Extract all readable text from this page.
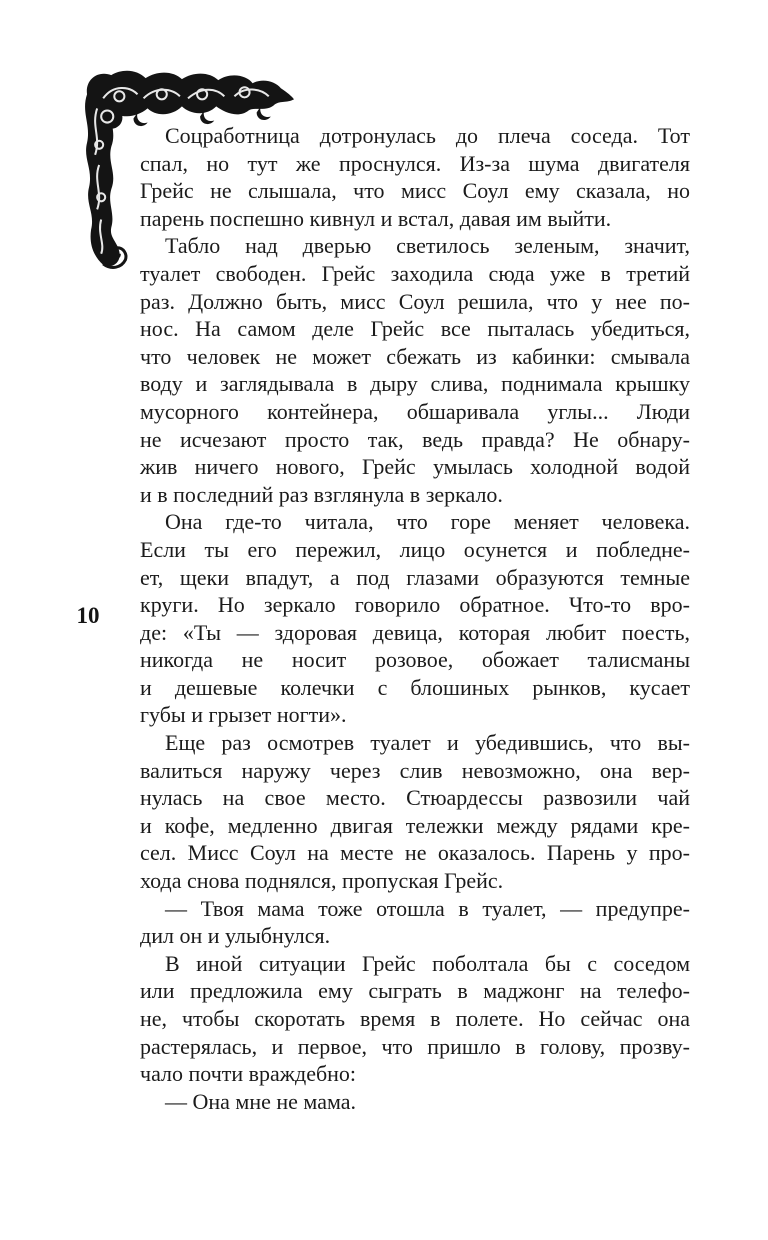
10
Соцработница дотронулась до плеча соседа. Тот
спал, но тут же проснулся. Из-за шума двигателя
Грейс не слышала, что мисс Соул ему сказала, но
парень поспешно кивнул и встал, давая им выйти.
Табло над дверью светилось зеленым, значит,
туалет свободен. Грейс заходила сюда уже в третий
раз. Должно быть, мисс Соул решила, что у нее по-
нос. На самом деле Грейс все пыталась убедиться,
что человек не может сбежать из кабинки: смывала
воду и заглядывала в дыру слива, поднимала крышку
мусорного контейнера, обшаривала углы... Люди
не исчезают просто так, ведь правда? Не обнару-
жив ничего нового, Грейс умылась холодной водой
и в последний раз взглянула в зеркало.
Она где-то читала, что горе меняет человека.
Если ты его пережил, лицо осунется и побледне-
ет, щеки впадут, а под глазами образуются темные
круги. Но зеркало говорило обратное. Что-то вро-
де: «Ты — здоровая девица, которая любит поесть,
никогда не носит розовое, обожает талисманы
и дешевые колечки с блошиных рынков, кусает
губы и грызет ногти».
Еще раз осмотрев туалет и убедившись, что вы-
валиться наружу через слив невозможно, она вер-
нулась на свое место. Стюардессы развозили чай
и кофе, медленно двигая тележки между рядами кре-
сел. Мисс Соул на месте не оказалось. Парень у про-
хода снова поднялся, пропуская Грейс.
— Твоя мама тоже отошла в туалет, — предупре-
дил он и улыбнулся.
В иной ситуации Грейс поболтала бы с соседом
или предложила ему сыграть в маджонг на телефо-
не, чтобы скоротать время в полете. Но сейчас она
растерялась, и первое, что пришло в голову, прозву-
чало почти враждебно:
— Она мне не мама.
